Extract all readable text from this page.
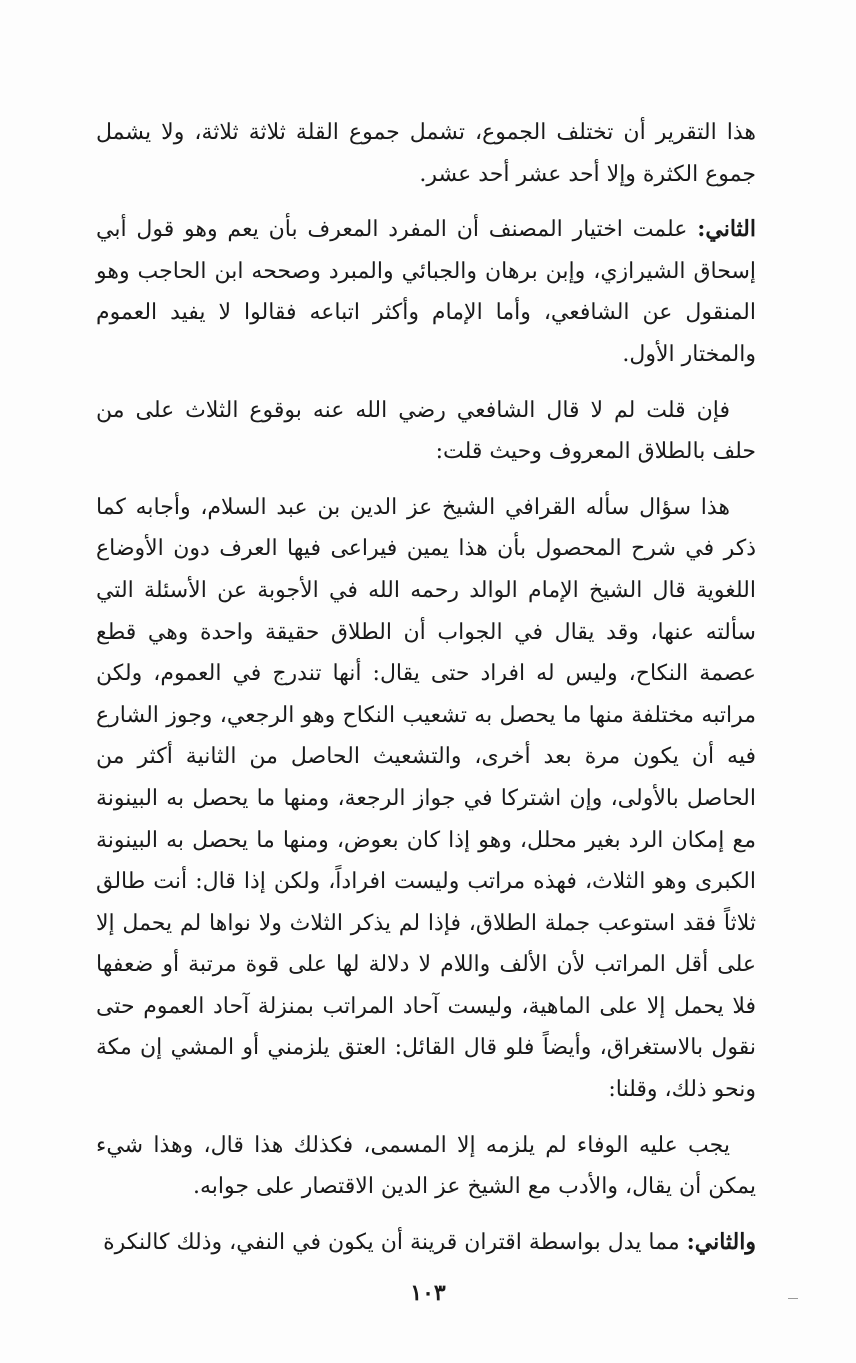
هذا التقرير أن تختلف الجموع، تشمل جموع القلة ثلاثة ثلاثة، ولا يشمل جموع الكثرة وإلا أحد عشر أحد عشر.

الثاني: علمت اختيار المصنف أن المفرد المعرف بأن يعم وهو قول أبي إسحاق الشيرازي، وإبن برهان والجبائي والمبرد وصححه ابن الحاجب وهو المنقول عن الشافعي، وأما الإمام وأكثر اتباعه فقالوا لا يفيد العموم والمختار الأول.

فإن قلت لم لا قال الشافعي رضي الله عنه بوقوع الثلاث على من حلف بالطلاق المعروف وحيث قلت:

هذا سؤال سأله القرافي الشيخ عز الدين بن عبد السلام، وأجابه كما ذكر في شرح المحصول بأن هذا يمين فيراعى فيها العرف دون الأوضاع اللغوية قال الشيخ الإمام الوالد رحمه الله في الأجوبة عن الأسئلة التي سألته عنها، وقد يقال في الجواب أن الطلاق حقيقة واحدة وهي قطع عصمة النكاح، وليس له افراد حتى يقال: أنها تندرج في العموم، ولكن مراتبه مختلفة منها ما يحصل به تشعيب النكاح وهو الرجعي، وجوز الشارع فيه أن يكون مرة بعد أخرى، والتشعيث الحاصل من الثانية أكثر من الحاصل بالأولى، وإن اشتركا في جواز الرجعة، ومنها ما يحصل به البينونة مع إمكان الرد بغير محلل، وهو إذا كان بعوض، ومنها ما يحصل به البينونة الكبرى وهو الثلاث، فهذه مراتب وليست افراداً، ولكن إذا قال: أنت طالق ثلاثاً فقد استوعب جملة الطلاق، فإذا لم يذكر الثلاث ولا نواها لم يحمل إلا على أقل المراتب لأن الألف واللام لا دلالة لها على قوة مرتبة أو ضعفها فلا يحمل إلا على الماهية، وليست آحاد المراتب بمنزلة آحاد العموم حتى نقول بالاستغراق، وأيضاً فلو قال القائل: العتق يلزمني أو المشي إن مكة ونحو ذلك، وقلنا:

يجب عليه الوفاء لم يلزمه إلا المسمى، فكذلك هذا قال، وهذا شيء يمكن أن يقال، والأدب مع الشيخ عز الدين الاقتصار على جوابه.

والثاني: مما يدل بواسطة اقتران قرينة أن يكون في النفي، وذلك كالنكرة

١٠٣
